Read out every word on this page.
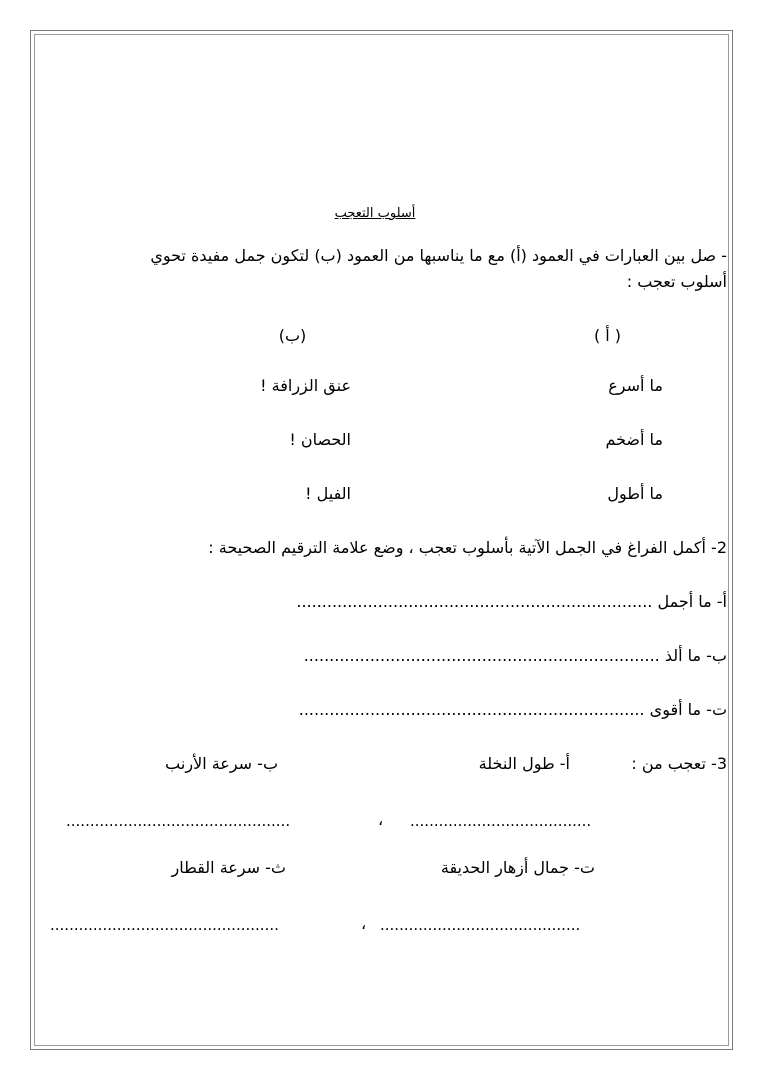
أسلوب التعجب
- صل بين العبارات في العمود (أ) مع ما يناسبها من العمود (ب) لتكون جمل مفيدة تحوي
أسلوب تعجب :
( أ )
(ب)
ما أسرع
عنق الزرافة !
ما أضخم
الحصان !
ما أطول
الفيل !
2- أكمل الفراغ في الجمل الآتية بأسلوب تعجب ، وضع علامة الترقيم الصحيحة :
أ- ما أجمل ......................................................................
ب- ما ألذ ......................................................................
ت- ما أقوى ....................................................................
3- تعجب من :
أ- طول النخلة
ب- سرعة الأرنب
......................................
،
...............................................
ت- جمال أزهار الحديقة
ث- سرعة القطار
..........................................
،
................................................
